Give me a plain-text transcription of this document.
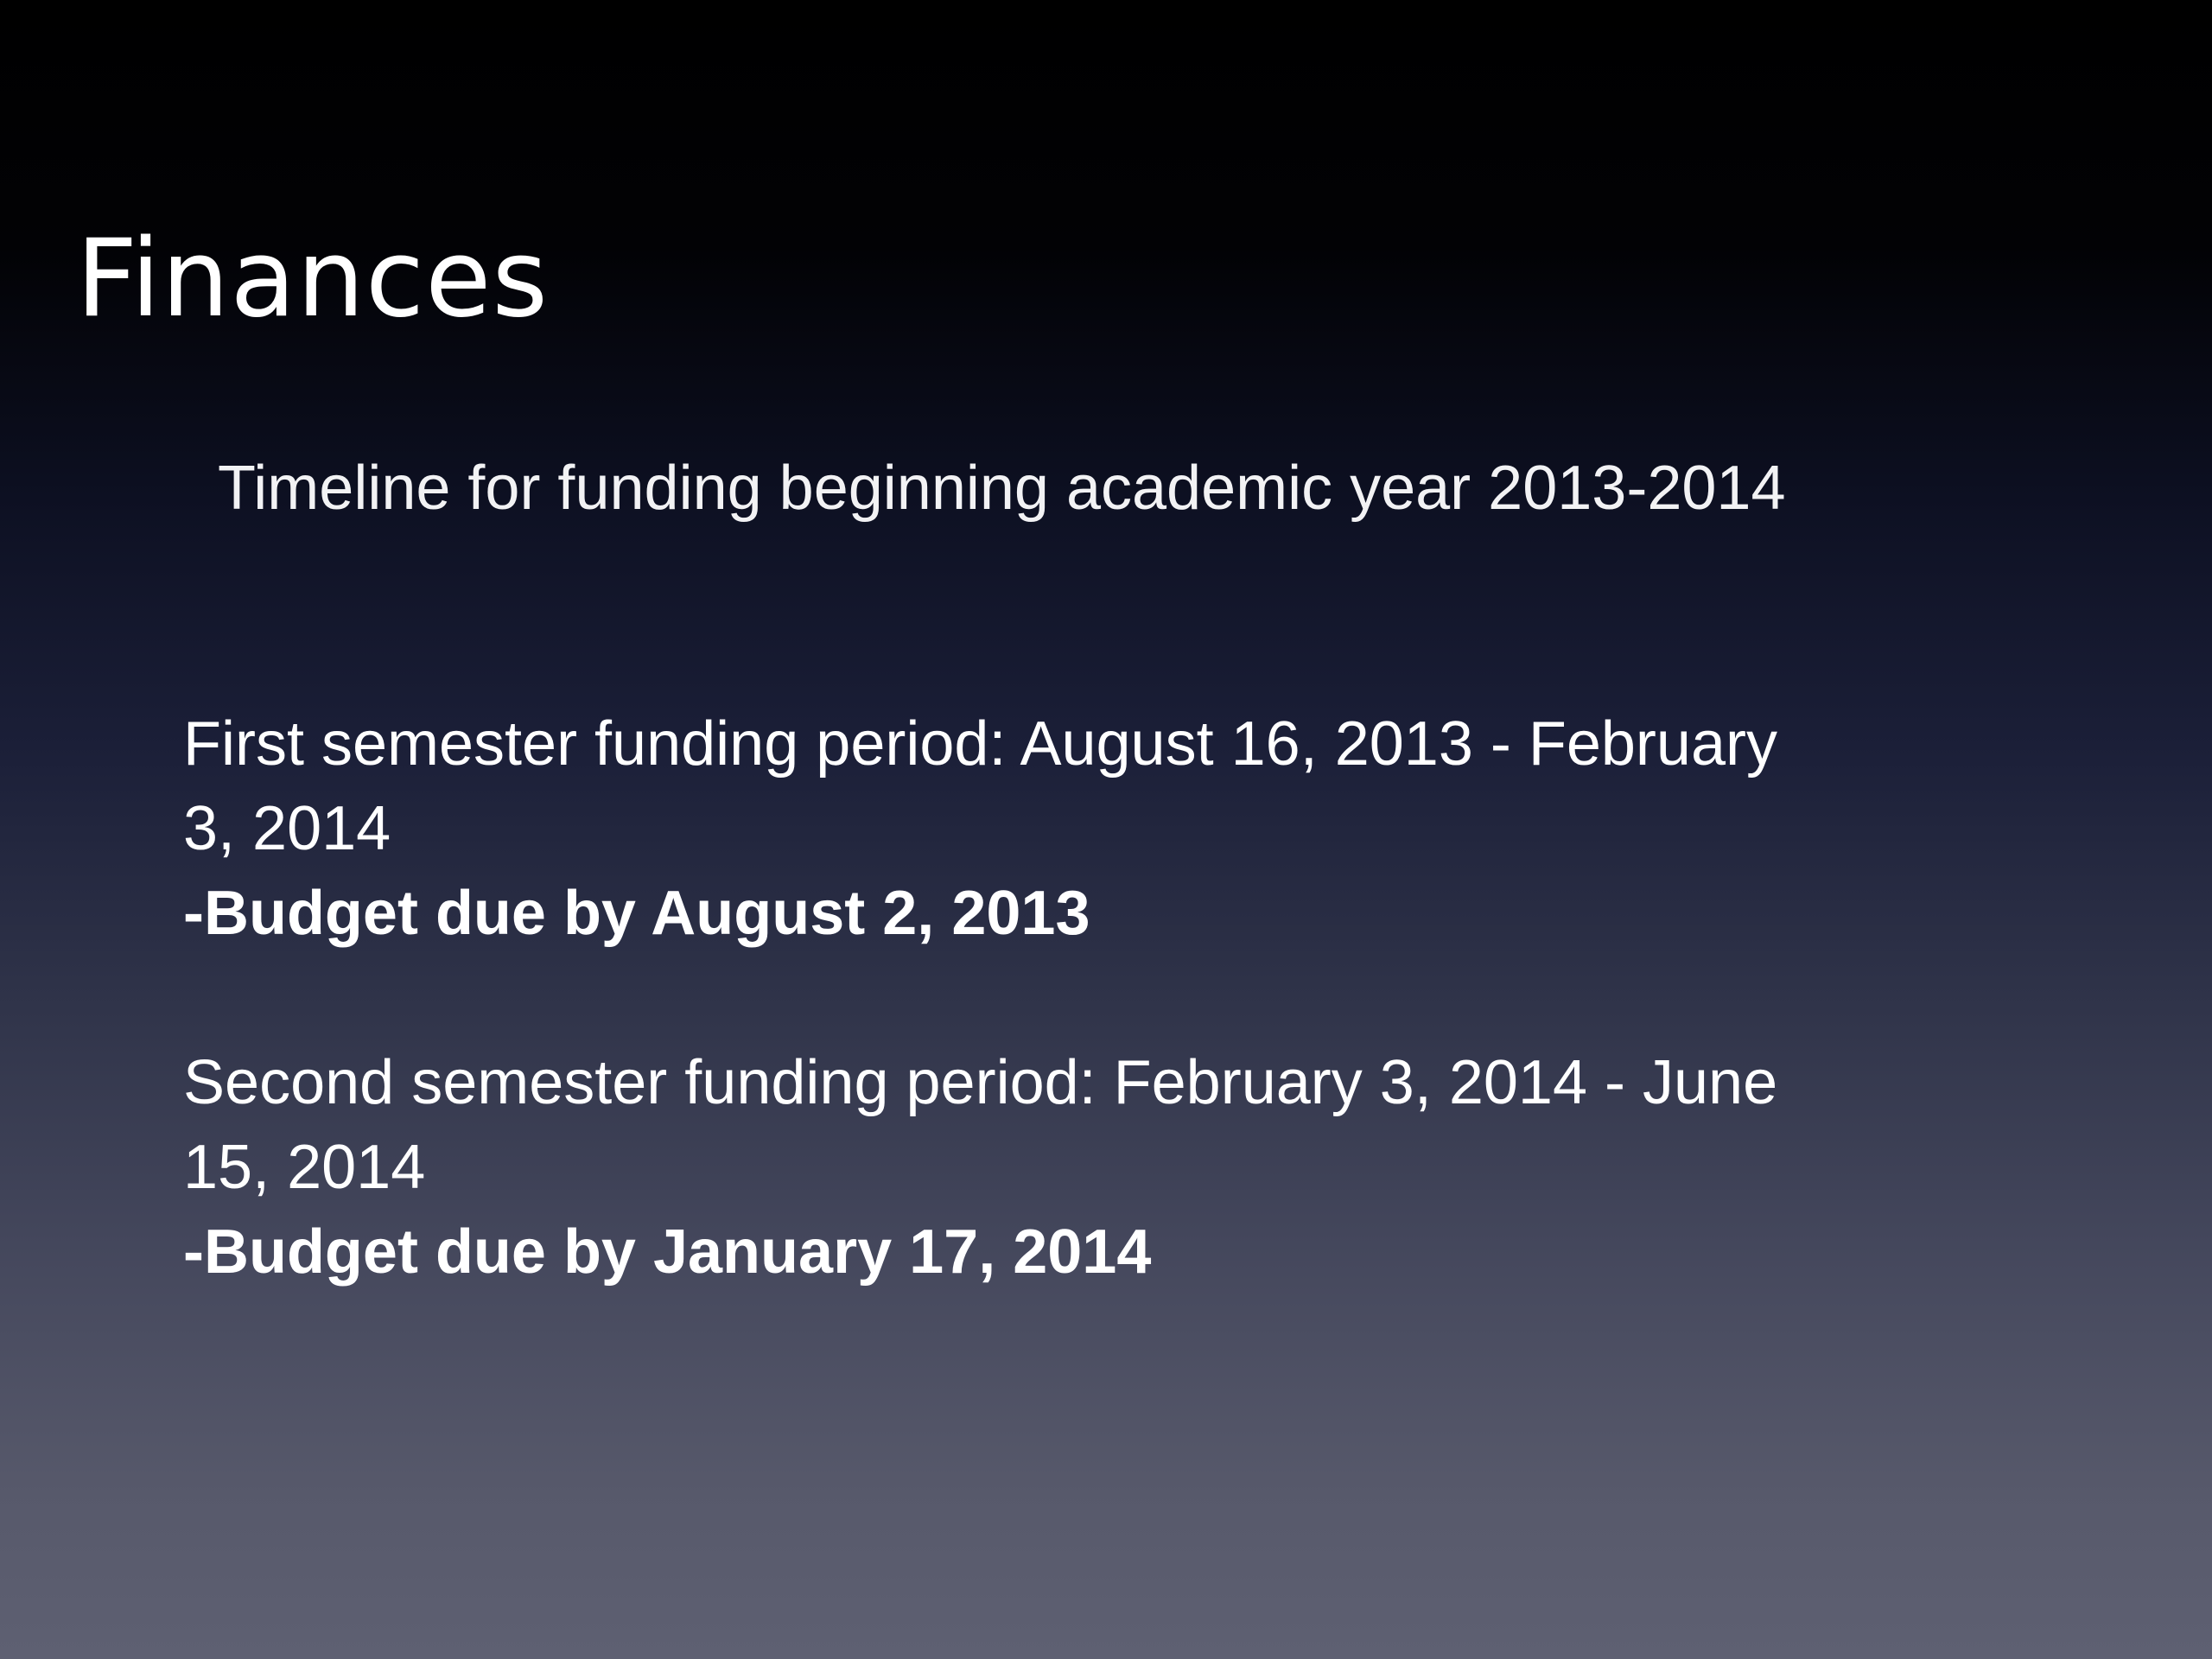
Finances

Timeline for funding beginning academic year 2013-2014

First semester funding period: August 16, 2013 - February

3, 2014

-Budget due by August 2, 2013

Second semester funding period: February 3, 2014 - June

15, 2014

-Budget due by January 17, 2014
